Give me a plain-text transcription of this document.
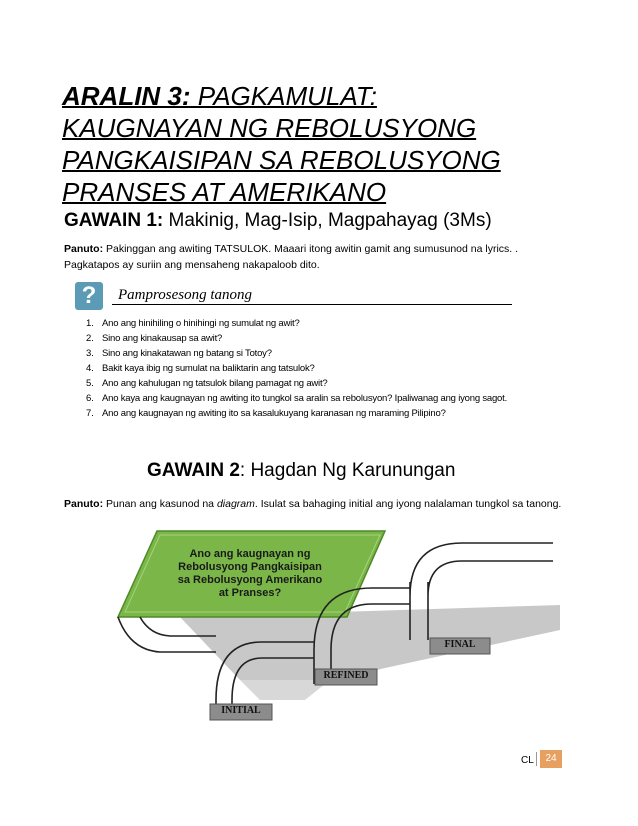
ARALIN 3: PAGKAMULAT:
KAUGNAYAN NG REBOLUSYONG
PANGKAISIPAN SA REBOLUSYONG
PRANSES AT AMERIKANO
GAWAIN 1: Makinig, Mag-Isip, Magpahayag (3Ms)
Panuto: Pakinggan ang awiting TATSULOK. Maaari itong awitin gamit ang sumusunod na lyrics. . Pagkatapos ay suriin ang mensaheng nakapaloob dito.
?	Pamprosesong tanong
1. Ano ang hinihiling o hinihingi ng sumulat ng awit?
2. Sino ang kinakausap sa awit?
3. Sino ang kinakatawan ng batang si Totoy?
4. Bakit kaya ibig ng sumulat na baliktarin ang tatsulok?
5. Ano ang kahulugan ng tatsulok bilang pamagat ng awit?
6. Ano kaya ang kaugnayan ng awiting ito tungkol sa aralin sa rebolusyon? Ipaliwanag ang iyong sagot.
7. Ano ang kaugnayan ng awiting ito sa kasalukuyang karanasan ng maraming Pilipino?
GAWAIN 2: Hagdan Ng Karunungan
Panuto: Punan ang kasunod na diagram. Isulat sa bahaging initial ang iyong nalalaman tungkol sa tanong.
Ano ang kaugnayan ng
Rebolusyong Pangkaisipan
sa Rebolusyong Amerikano
at Pranses?
FINAL
REFINED
INITIAL
CL	24
